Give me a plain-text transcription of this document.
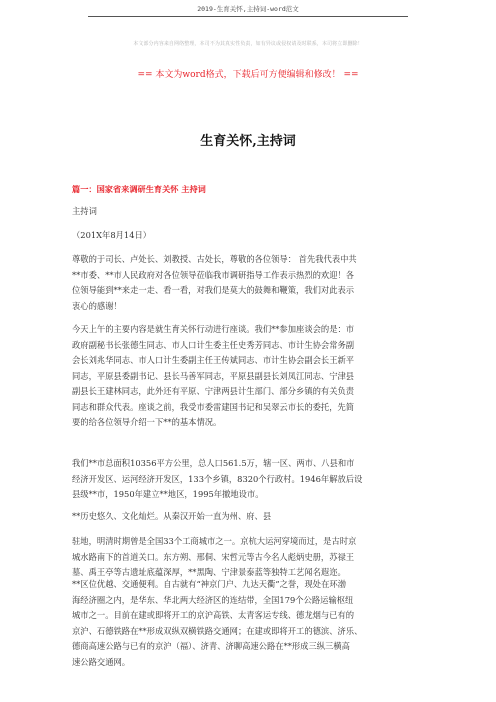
2019-生育关怀,主持词-word范文
本文部分内容来自网络整理，本司不为其真实性负责，如有异议或侵权请及时联系，本司将立即删除！
== 本文为word格式，下载后可方便编辑和修改！ ==
生育关怀,主持词
篇一：国家省来调研生育关怀 主持词

主持词

（201X年8月14日）

尊敬的于司长、卢处长、刘教授、古处长，尊敬的各位领导： 首先我代表中共

**市委、**市人民政府对各位领导莅临我市调研指导工作表示热烈的欢迎！各

位领导能到**来走一走、看一看，对我们是莫大的鼓舞和鞭策，我们对此表示

衷心的感谢！

今天上午的主要内容是就生育关怀行动进行座谈。我们**参加座谈会的是：市

政府副秘书长张德生同志、市人口计生委主任史秀芳同志、市计生协会常务副

会长刘兆华同志、市人口计生委副主任王传斌同志、市计生协会副会长王新平

同志，平原县委副书记、县长马善军同志，平原县副县长刘凤江同志、宁津县

副县长王建林同志，此外还有平原、宁津两县计生部门、部分乡镇的有关负责

同志和群众代表。座谈之前，我受市委雷建国书记和吴翠云市长的委托，先简

要的给各位领导介绍一下**的基本情况。

我们**市总面积10356平方公里，总人口561.5万，辖一区、两市、八县和市

经济开发区、运河经济开发区，133个乡镇，8320个行政村。1946年解放后设

县级**市，1950年建立**地区，1995年撤地设市。

**历史悠久、文化灿烂。从秦汉开始一直为州、府、县

驻地，明清时期曾是全国33个工商城市之一。京杭大运河穿境而过，是古时京

城水路南下的首道关口。东方朔、邢侗、宋哲元等古今名人彪炳史册，苏禄王

墓、禹王亭等古遗址底蕴深厚，**黑陶、宁津景泰蓝等独特工艺闻名遐迩。

**区位优越、交通便利。自古就有“神京门户、九达天衢”之誉，现处在环渤

海经济圈之内，是华东、华北两大经济区的连结带，全国179个公路运输枢纽

城市之一。目前在建或即将开工的京沪高铁、太青客运专线、德龙烟与已有的

京沪、石德铁路在**形成双纵双横铁路交通网；在建或即将开工的德滨、济乐、

德商高速公路与已有的京沪（福）、济青、济聊高速公路在**形成三纵三横高

速公路交通网。
